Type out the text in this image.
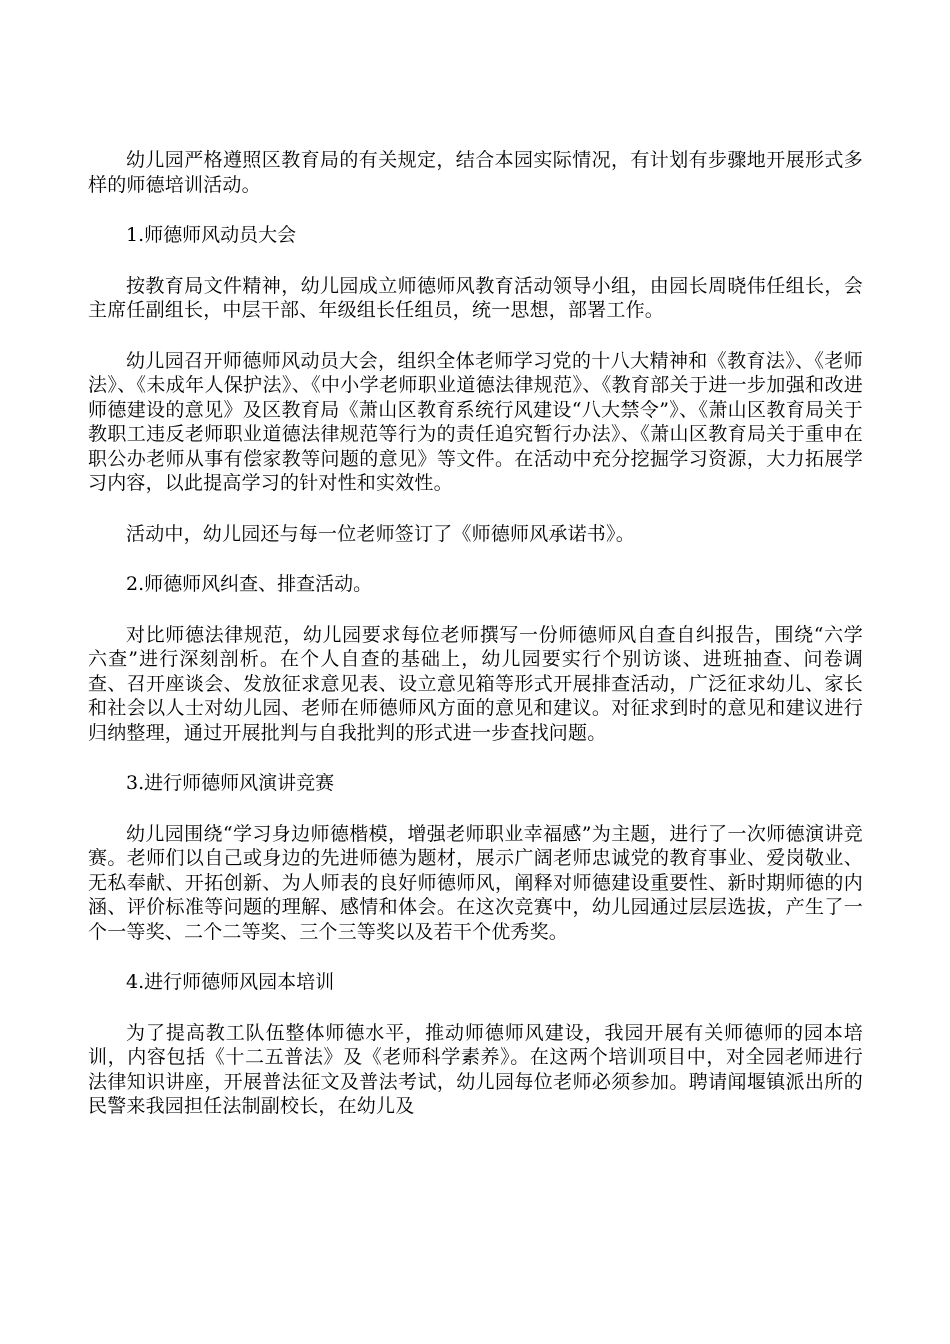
幼儿园严格遵照区教育局的有关规定，结合本园实际情况，有计划有步骤地开展形式多样的师德培训活动。

1.师德师风动员大会

按教育局文件精神，幼儿园成立师德师风教育活动领导小组，由园长周晓伟任组长，会主席任副组长，中层干部、年级组长任组员，统一思想，部署工作。

幼儿园召开师德师风动员大会，组织全体老师学习党的十八大精神和《教育法》、《老师法》、《未成年人保护法》、《中小学老师职业道德法律规范》、《教育部关于进一步加强和改进师德建设的意见》及区教育局《萧山区教育系统行风建设“八大禁令”》、《萧山区教育局关于教职工违反老师职业道德法律规范等行为的责任追究暂行办法》、《萧山区教育局关于重申在职公办老师从事有偿家教等问题的意见》等文件。在活动中充分挖掘学习资源，大力拓展学习内容，以此提高学习的针对性和实效性。

活动中，幼儿园还与每一位老师签订了《师德师风承诺书》。

2.师德师风纠查、排查活动。

对比师德法律规范，幼儿园要求每位老师撰写一份师德师风自查自纠报告，围绕“六学六查”进行深刻剖析。在个人自查的基础上，幼儿园要实行个别访谈、进班抽查、问卷调查、召开座谈会、发放征求意见表、设立意见箱等形式开展排查活动，广泛征求幼儿、家长和社会以人士对幼儿园、老师在师德师风方面的意见和建议。对征求到时的意见和建议进行归纳整理，通过开展批判与自我批判的形式进一步查找问题。

3.进行师德师风演讲竞赛

幼儿园围绕“学习身边师德楷模，增强老师职业幸福感”为主题，进行了一次师德演讲竞赛。老师们以自己或身边的先进师德为题材，展示广阔老师忠诚党的教育事业、爱岗敬业、无私奉献、开拓创新、为人师表的良好师德师风，阐释对师德建设重要性、新时期师德的内涵、评价标准等问题的理解、感情和体会。在这次竞赛中，幼儿园通过层层选拔，产生了一个一等奖、二个二等奖、三个三等奖以及若干个优秀奖。

4.进行师德师风园本培训

为了提高教工队伍整体师德水平，推动师德师风建设，我园开展有关师德师的园本培训，内容包括《十二五普法》及《老师科学素养》。在这两个培训项目中，对全园老师进行法律知识讲座，开展普法征文及普法考试，幼儿园每位老师必须参加。聘请闻堰镇派出所的民警来我园担任法制副校长，在幼儿及
